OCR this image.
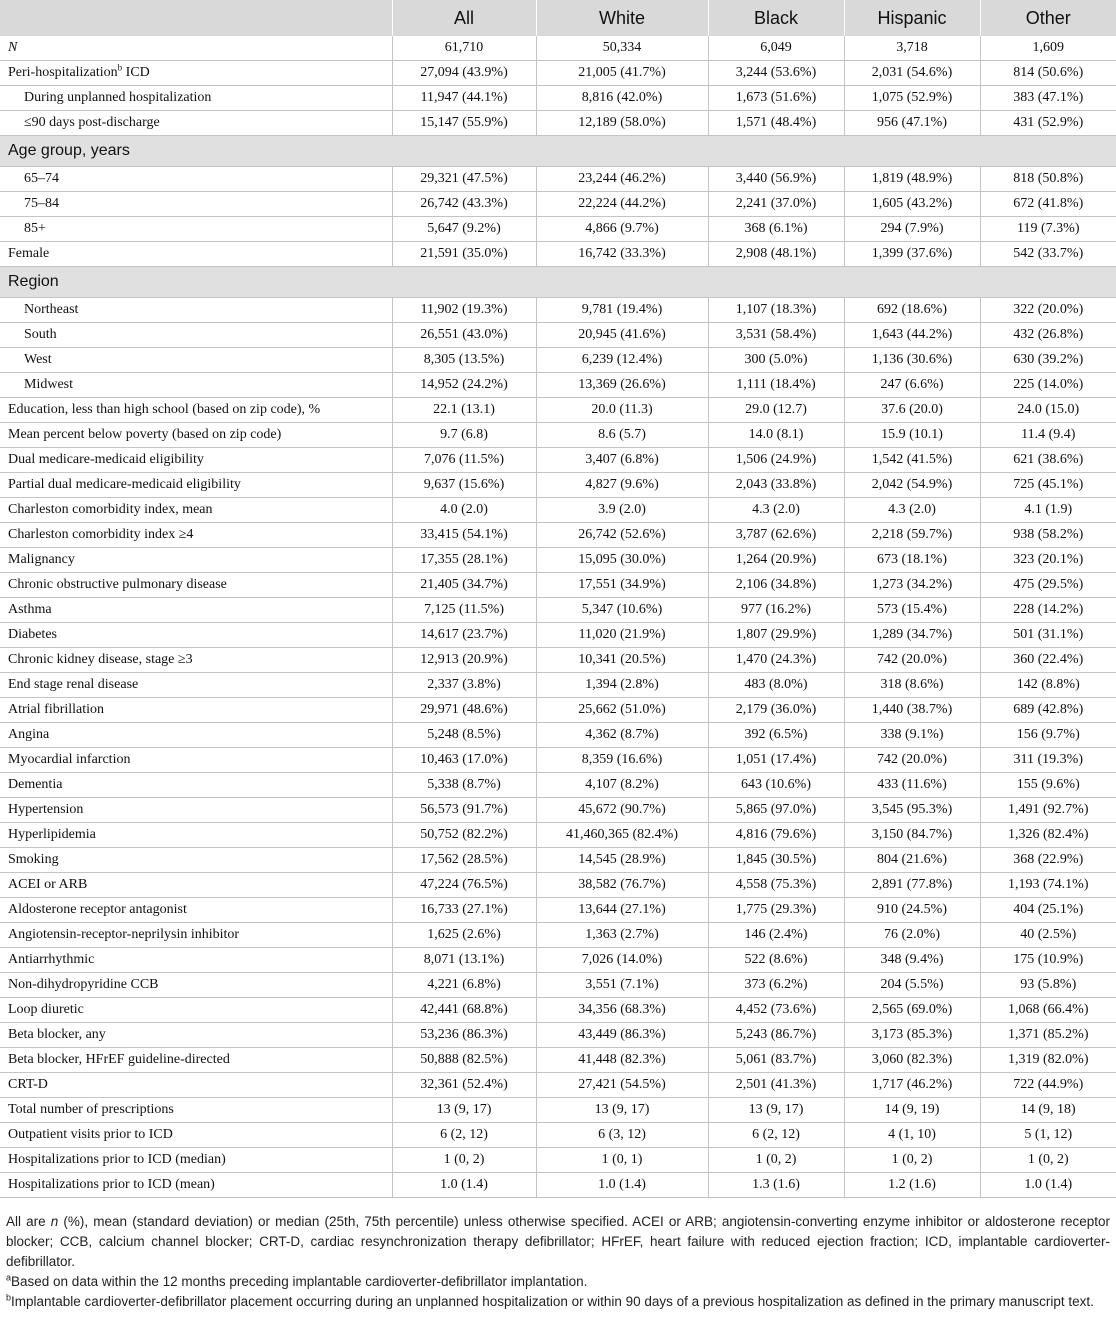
	All	White	Black	Hispanic	Other
N	61,710	50,334	6,049	3,718	1,609
Peri-hospitalization$^b$ ICD	27,094 (43.9%)	21,005 (41.7%)	3,244 (53.6%)	2,031 (54.6%)	814 (50.6%)
During unplanned hospitalization	11,947 (44.1%)	8,816 (42.0%)	1,673 (51.6%)	1,075 (52.9%)	383 (47.1%)
≤90 days post-discharge	15,147 (55.9%)	12,189 (58.0%)	1,571 (48.4%)	956 (47.1%)	431 (52.9%)
Age group, years					
65–74	29,321 (47.5%)	23,244 (46.2%)	3,440 (56.9%)	1,819 (48.9%)	818 (50.8%)
75–84	26,742 (43.3%)	22,224 (44.2%)	2,241 (37.0%)	1,605 (43.2%)	672 (41.8%)
85+	5,647 (9.2%)	4,866 (9.7%)	368 (6.1%)	294 (7.9%)	119 (7.3%)
Female	21,591 (35.0%)	16,742 (33.3%)	2,908 (48.1%)	1,399 (37.6%)	542 (33.7%)
Region					
Northeast	11,902 (19.3%)	9,781 (19.4%)	1,107 (18.3%)	692 (18.6%)	322 (20.0%)
South	26,551 (43.0%)	20,945 (41.6%)	3,531 (58.4%)	1,643 (44.2%)	432 (26.8%)
West	8,305 (13.5%)	6,239 (12.4%)	300 (5.0%)	1,136 (30.6%)	630 (39.2%)
Midwest	14,952 (24.2%)	13,369 (26.6%)	1,111 (18.4%)	247 (6.6%)	225 (14.0%)
Education, less than high school (based on zip code), %	22.1 (13.1)	20.0 (11.3)	29.0 (12.7)	37.6 (20.0)	24.0 (15.0)
Mean percent below poverty (based on zip code)	9.7 (6.8)	8.6 (5.7)	14.0 (8.1)	15.9 (10.1)	11.4 (9.4)
Dual medicare-medicaid eligibility	7,076 (11.5%)	3,407 (6.8%)	1,506 (24.9%)	1,542 (41.5%)	621 (38.6%)
Partial dual medicare-medicaid eligibility	9,637 (15.6%)	4,827 (9.6%)	2,043 (33.8%)	2,042 (54.9%)	725 (45.1%)
Charleston comorbidity index, mean	4.0 (2.0)	3.9 (2.0)	4.3 (2.0)	4.3 (2.0)	4.1 (1.9)
Charleston comorbidity index ≥4	33,415 (54.1%)	26,742 (52.6%)	3,787 (62.6%)	2,218 (59.7%)	938 (58.2%)
Malignancy	17,355 (28.1%)	15,095 (30.0%)	1,264 (20.9%)	673 (18.1%)	323 (20.1%)
Chronic obstructive pulmonary disease	21,405 (34.7%)	17,551 (34.9%)	2,106 (34.8%)	1,273 (34.2%)	475 (29.5%)
Asthma	7,125 (11.5%)	5,347 (10.6%)	977 (16.2%)	573 (15.4%)	228 (14.2%)
Diabetes	14,617 (23.7%)	11,020 (21.9%)	1,807 (29.9%)	1,289 (34.7%)	501 (31.1%)
Chronic kidney disease, stage ≥3	12,913 (20.9%)	10,341 (20.5%)	1,470 (24.3%)	742 (20.0%)	360 (22.4%)
End stage renal disease	2,337 (3.8%)	1,394 (2.8%)	483 (8.0%)	318 (8.6%)	142 (8.8%)
Atrial fibrillation	29,971 (48.6%)	25,662 (51.0%)	2,179 (36.0%)	1,440 (38.7%)	689 (42.8%)
Angina	5,248 (8.5%)	4,362 (8.7%)	392 (6.5%)	338 (9.1%)	156 (9.7%)
Myocardial infarction	10,463 (17.0%)	8,359 (16.6%)	1,051 (17.4%)	742 (20.0%)	311 (19.3%)
Dementia	5,338 (8.7%)	4,107 (8.2%)	643 (10.6%)	433 (11.6%)	155 (9.6%)
Hypertension	56,573 (91.7%)	45,672 (90.7%)	5,865 (97.0%)	3,545 (95.3%)	1,491 (92.7%)
Hyperlipidemia	50,752 (82.2%)	41,460,365 (82.4%)	4,816 (79.6%)	3,150 (84.7%)	1,326 (82.4%)
Smoking	17,562 (28.5%)	14,545 (28.9%)	1,845 (30.5%)	804 (21.6%)	368 (22.9%)
ACEI or ARB	47,224 (76.5%)	38,582 (76.7%)	4,558 (75.3%)	2,891 (77.8%)	1,193 (74.1%)
Aldosterone receptor antagonist	16,733 (27.1%)	13,644 (27.1%)	1,775 (29.3%)	910 (24.5%)	404 (25.1%)
Angiotensin-receptor-neprilysin inhibitor	1,625 (2.6%)	1,363 (2.7%)	146 (2.4%)	76 (2.0%)	40 (2.5%)
Antiarrhythmic	8,071 (13.1%)	7,026 (14.0%)	522 (8.6%)	348 (9.4%)	175 (10.9%)
Non-dihydropyridine CCB	4,221 (6.8%)	3,551 (7.1%)	373 (6.2%)	204 (5.5%)	93 (5.8%)
Loop diuretic	42,441 (68.8%)	34,356 (68.3%)	4,452 (73.6%)	2,565 (69.0%)	1,068 (66.4%)
Beta blocker, any	53,236 (86.3%)	43,449 (86.3%)	5,243 (86.7%)	3,173 (85.3%)	1,371 (85.2%)
Beta blocker, HFrEF guideline-directed	50,888 (82.5%)	41,448 (82.3%)	5,061 (83.7%)	3,060 (82.3%)	1,319 (82.0%)
CRT-D	32,361 (52.4%)	27,421 (54.5%)	2,501 (41.3%)	1,717 (46.2%)	722 (44.9%)
Total number of prescriptions	13 (9, 17)	13 (9, 17)	13 (9, 17)	14 (9, 19)	14 (9, 18)
Outpatient visits prior to ICD	6 (2, 12)	6 (3, 12)	6 (2, 12)	4 (1, 10)	5 (1, 12)
Hospitalizations prior to ICD (median)	1 (0, 2)	1 (0, 1)	1 (0, 2)	1 (0, 2)	1 (0, 2)
Hospitalizations prior to ICD (mean)	1.0 (1.4)	1.0 (1.4)	1.3 (1.6)	1.2 (1.6)	1.0 (1.4)

All are n (%), mean (standard deviation) or median (25th, 75th percentile) unless otherwise specified. ACEI or ARB; angiotensin-converting enzyme inhibitor or aldosterone receptor blocker; CCB, calcium channel blocker; CRT-D, cardiac resynchronization therapy defibrillator; HFrEF, heart failure with reduced ejection fraction; ICD, implantable cardioverter-defibrillator.

$^a$Based on data within the 12 months preceding implantable cardioverter-defibrillator implantation.

$^b$Implantable cardioverter-defibrillator placement occurring during an unplanned hospitalization or within 90 days of a previous hospitalization as defined in the primary manuscript text.
